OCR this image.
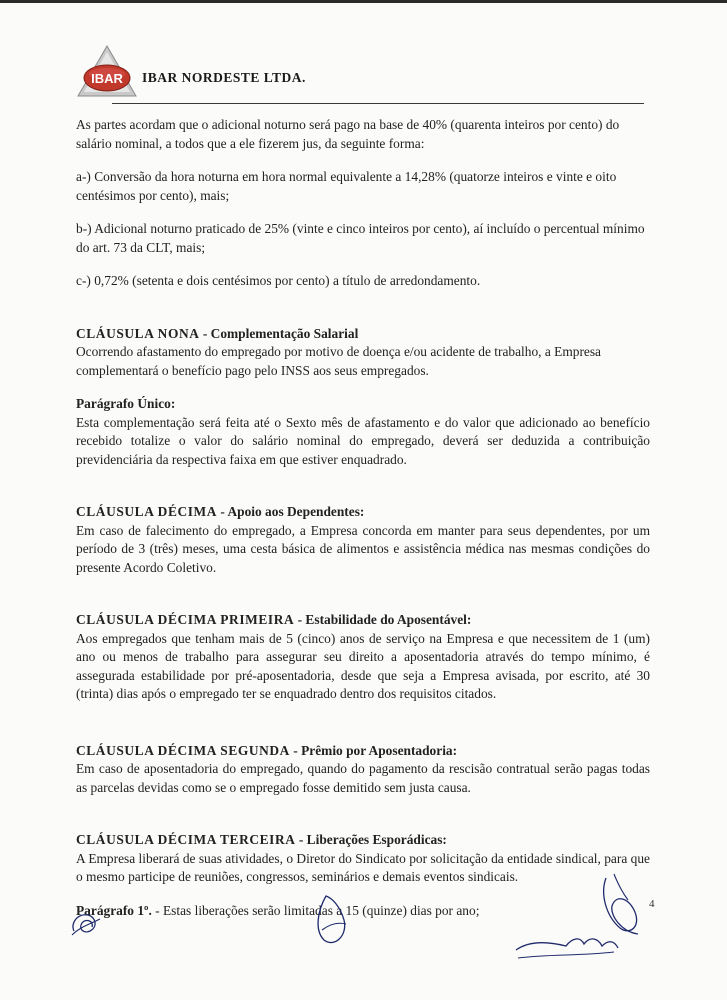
IBAR IBAR NORDESTE LTDA.

As partes acordam que o adicional noturno será pago na base de 40% (quarenta inteiros por cento) do salário nominal, a todos que a ele fizerem jus, da seguinte forma:

a-) Conversão da hora noturna em hora normal equivalente a 14,28% (quatorze inteiros e vinte e oito centésimos por cento), mais;

b-) Adicional noturno praticado de 25% (vinte e cinco inteiros por cento), aí incluído o percentual mínimo do art. 73 da CLT, mais;

c-) 0,72% (setenta e dois centésimos por cento) a título de arredondamento.

CLÁUSULA NONA - Complementação Salarial

Ocorrendo afastamento do empregado por motivo de doença e/ou acidente de trabalho, a Empresa complementará o benefício pago pelo INSS aos seus empregados.

Parágrafo Único:

Esta complementação será feita até o Sexto mês de afastamento e do valor que adicionado ao benefício recebido totalize o valor do salário nominal do empregado, deverá ser deduzida a contribuição previdenciária da respectiva faixa em que estiver enquadrado.

CLÁUSULA DÉCIMA - Apoio aos Dependentes:

Em caso de falecimento do empregado, a Empresa concorda em manter para seus dependentes, por um período de 3 (três) meses, uma cesta básica de alimentos e assistência médica nas mesmas condições do presente Acordo Coletivo.

CLÁUSULA DÉCIMA PRIMEIRA - Estabilidade do Aposentável:

Aos empregados que tenham mais de 5 (cinco) anos de serviço na Empresa e que necessitem de 1 (um) ano ou menos de trabalho para assegurar seu direito a aposentadoria através do tempo mínimo, é assegurada estabilidade por pré-aposentadoria, desde que seja a Empresa avisada, por escrito, até 30 (trinta) dias após o empregado ter se enquadrado dentro dos requisitos citados.

CLÁUSULA DÉCIMA SEGUNDA - Prêmio por Aposentadoria:

Em caso de aposentadoria do empregado, quando do pagamento da rescisão contratual serão pagas todas as parcelas devidas como se o empregado fosse demitido sem justa causa.

CLÁUSULA DÉCIMA TERCEIRA - Liberações Esporádicas:

A Empresa liberará de suas atividades, o Diretor do Sindicato por solicitação da entidade sindical, para que o mesmo participe de reuniões, congressos, seminários e demais eventos sindicais.

Parágrafo 1º. - Estas liberações serão limitadas a 15 (quinze) dias por ano;	4
